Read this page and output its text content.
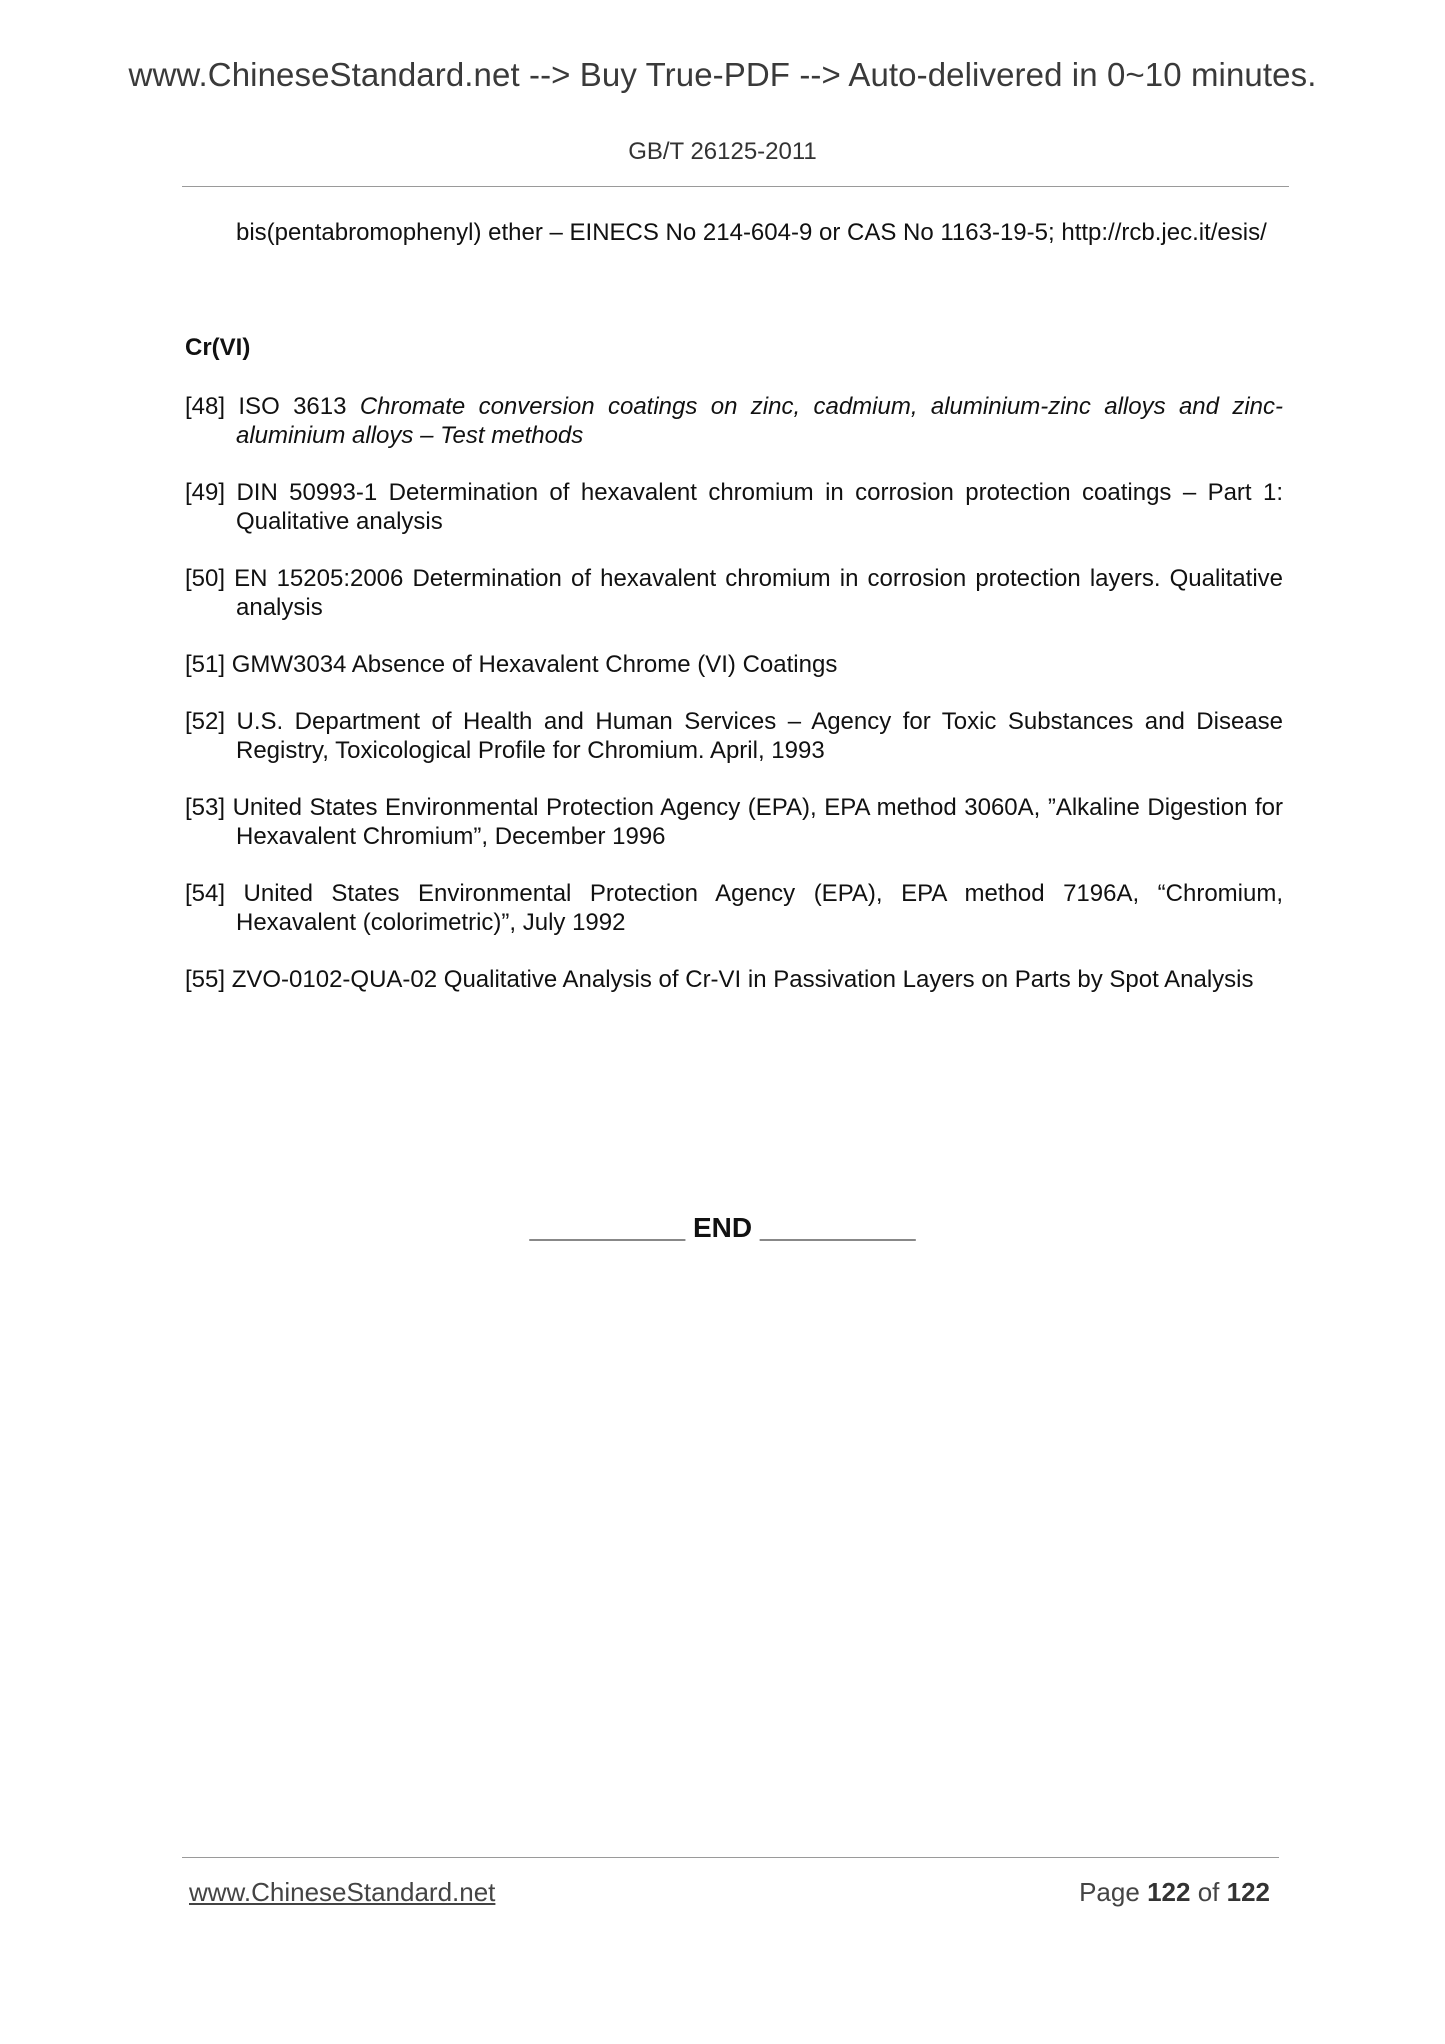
www.ChineseStandard.net --> Buy True-PDF --> Auto-delivered in 0~10 minutes.
GB/T 26125-2011
bis(pentabromophenyl) ether – EINECS No 214-604-9 or CAS No 1163-19-5; http://rcb.jec.it/esis/
Cr(VI)
[48] ISO 3613 Chromate conversion coatings on zinc, cadmium, aluminium-zinc alloys and zinc-aluminium alloys – Test methods
[49] DIN 50993-1 Determination of hexavalent chromium in corrosion protection coatings – Part 1: Qualitative analysis
[50] EN 15205:2006 Determination of hexavalent chromium in corrosion protection layers. Qualitative analysis
[51] GMW3034 Absence of Hexavalent Chrome (VI) Coatings
[52] U.S. Department of Health and Human Services – Agency for Toxic Substances and Disease Registry, Toxicological Profile for Chromium. April, 1993
[53] United States Environmental Protection Agency (EPA), EPA method 3060A, ”Alkaline Digestion for Hexavalent Chromium”, December 1996
[54] United States Environmental Protection Agency (EPA), EPA method 7196A, “Chromium, Hexavalent (colorimetric)”, July 1992
[55] ZVO-0102-QUA-02 Qualitative Analysis of Cr-VI in Passivation Layers on Parts by Spot Analysis
__________ END __________
www.ChineseStandard.net	Page 122 of 122
